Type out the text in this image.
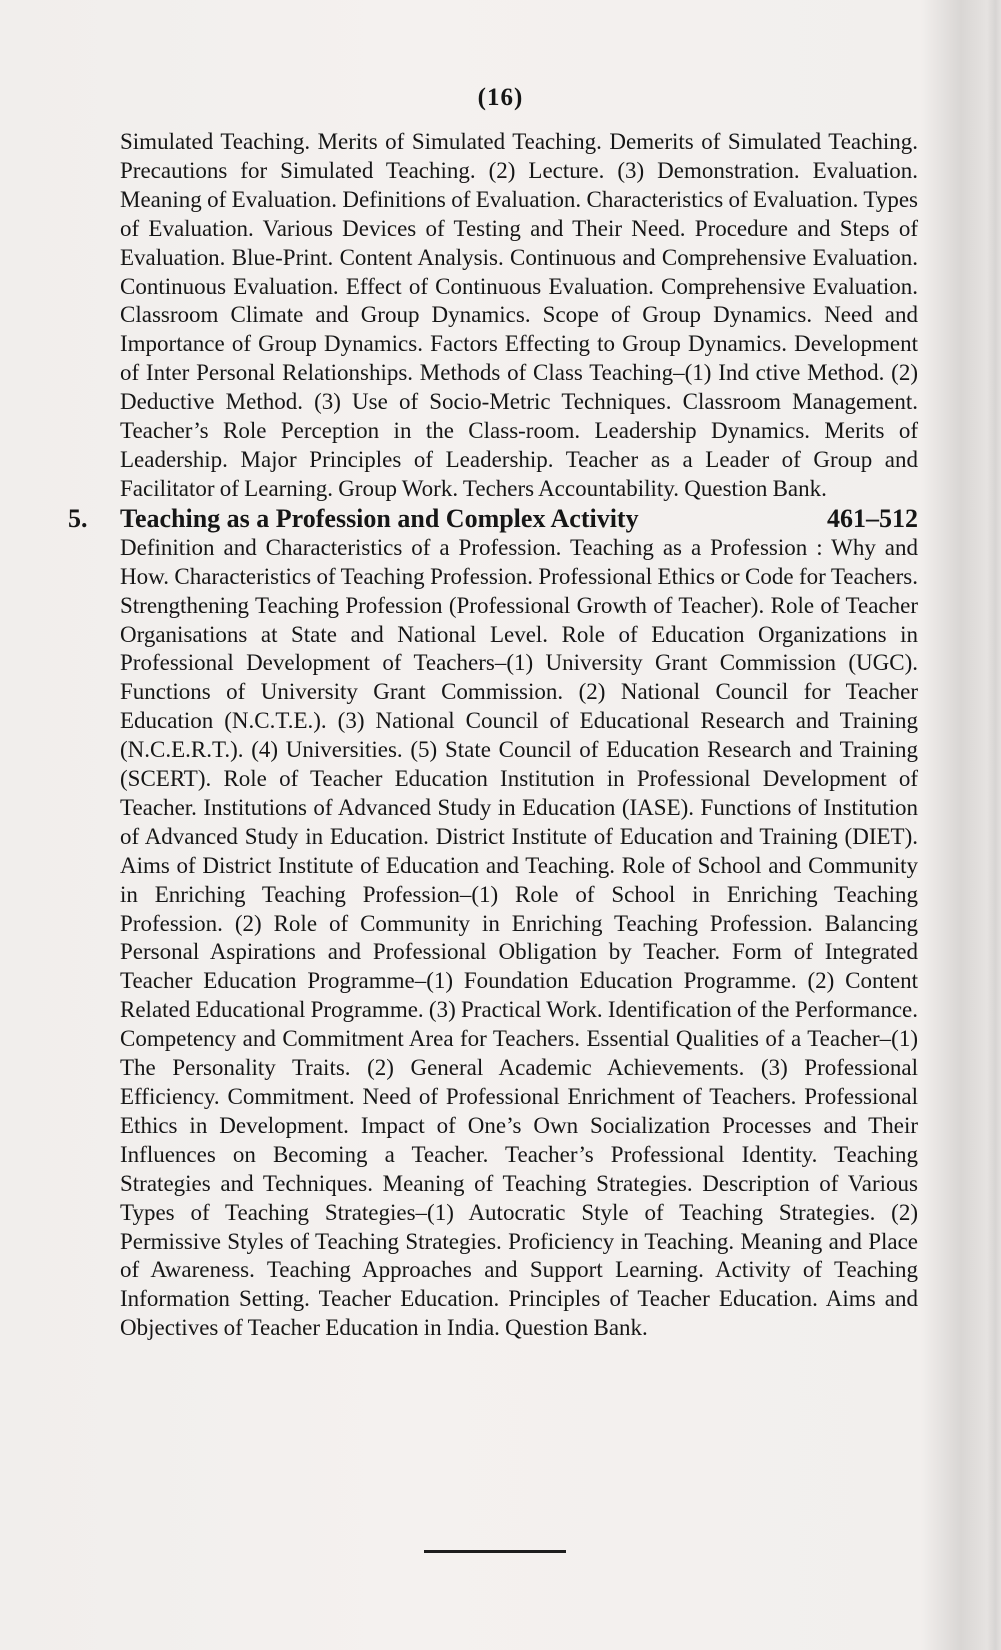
(16)

Simulated Teaching. Merits of Simulated Teaching. Demerits of Simulated Teaching. Precautions for Simulated Teaching. (2) Lecture. (3) Demonstration. Evaluation. Meaning of Evaluation. Definitions of Evaluation. Characteristics of Evaluation. Types of Evaluation. Various Devices of Testing and Their Need. Procedure and Steps of Evaluation. Blue-Print. Content Analysis. Continuous and Comprehensive Evaluation. Continuous Evaluation. Effect of Continuous Evaluation. Comprehensive Evaluation. Classroom Climate and Group Dynamics. Scope of Group Dynamics. Need and Importance of Group Dynamics. Factors Effecting to Group Dynamics. Development of Inter Personal Relationships. Methods of Class Teaching–(1) Ind ctive Method. (2) Deductive Method. (3) Use of Socio-Metric Techniques. Classroom Management. Teacher’s Role Perception in the Class-room. Leadership Dynamics. Merits of Leadership. Major Principles of Leadership. Teacher as a Leader of Group and Facilitator of Learning. Group Work. Techers Accountability. Question Bank.

5. Teaching as a Profession and Complex Activity	461–512

Definition and Characteristics of a Profession. Teaching as a Profession : Why and How. Characteristics of Teaching Profession. Professional Ethics or Code for Teachers. Strengthening Teaching Profession (Professional Growth of Teacher). Role of Teacher Organisations at State and National Level. Role of Education Organizations in Professional Development of Teachers–(1) University Grant Commission (UGC). Functions of University Grant Commission. (2) National Council for Teacher Education (N.C.T.E.). (3) National Council of Educational Research and Training (N.C.E.R.T.). (4) Universities. (5) State Council of Education Research and Training (SCERT). Role of Teacher Education Institution in Professional Development of Teacher. Institutions of Advanced Study in Education (IASE). Functions of Institution of Advanced Study in Education. District Institute of Education and Training (DIET). Aims of District Institute of Education and Teaching. Role of School and Community in Enriching Teaching Profession–(1) Role of School in Enriching Teaching Profession. (2) Role of Community in Enriching Teaching Profession. Balancing Personal Aspirations and Professional Obligation by Teacher. Form of Integrated Teacher Education Programme–(1) Foundation Education Programme. (2) Content Related Educational Programme. (3) Practical Work. Identification of the Performance. Competency and Commitment Area for Teachers. Essential Qualities of a Teacher–(1) The Personality Traits. (2) General Academic Achievements. (3) Professional Efficiency. Commitment. Need of Professional Enrichment of Teachers. Professional Ethics in Development. Impact of One’s Own Socialization Processes and Their Influences on Becoming a Teacher. Teacher’s Professional Identity. Teaching Strategies and Techniques. Meaning of Teaching Strategies. Description of Various Types of Teaching Strategies–(1) Autocratic Style of Teaching Strategies. (2) Permissive Styles of Teaching Strategies. Proficiency in Teaching. Meaning and Place of Awareness. Teaching Approaches and Support Learning. Activity of Teaching Information Setting. Teacher Education. Principles of Teacher Education. Aims and Objectives of Teacher Education in India. Question Bank.
